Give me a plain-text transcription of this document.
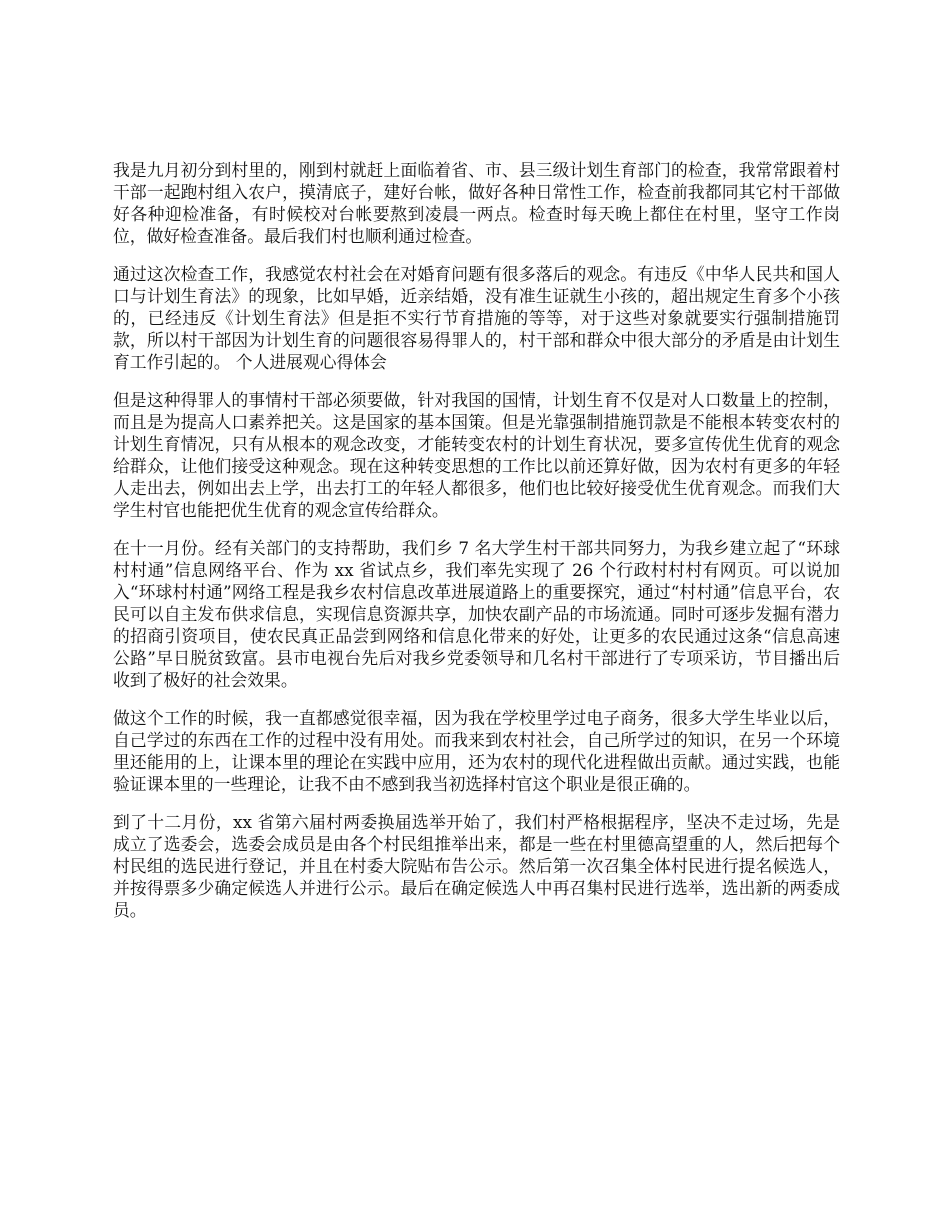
我是九月初分到村里的，刚到村就赶上面临着省、市、县三级计划生育部门的检查，我常常跟着村干部一起跑村组入农户，摸清底子，建好台帐，做好各种日常性工作，检查前我都同其它村干部做好各种迎检准备，有时候校对台帐要熬到凌晨一两点。检查时每天晚上都住在村里，坚守工作岗位，做好检查准备。最后我们村也顺利通过检查。

通过这次检查工作，我感觉农村社会在对婚育问题有很多落后的观念。有违反《中华人民共和国人口与计划生育法》的现象，比如早婚，近亲结婚，没有准生证就生小孩的，超出规定生育多个小孩的，已经违反《计划生育法》但是拒不实行节育措施的等等，对于这些对象就要实行强制措施罚款，所以村干部因为计划生育的问题很容易得罪人的，村干部和群众中很大部分的矛盾是由计划生育工作引起的。 个人进展观心得体会

但是这种得罪人的事情村干部必须要做，针对我国的国情，计划生育不仅是对人口数量上的控制，而且是为提高人口素养把关。这是国家的基本国策。但是光靠强制措施罚款是不能根本转变农村的计划生育情况，只有从根本的观念改变，才能转变农村的计划生育状况，要多宣传优生优育的观念给群众，让他们接受这种观念。现在这种转变思想的工作比以前还算好做，因为农村有更多的年轻人走出去，例如出去上学，出去打工的年轻人都很多，他们也比较好接受优生优育观念。而我们大学生村官也能把优生优育的观念宣传给群众。

在十一月份。经有关部门的支持帮助，我们乡 7 名大学生村干部共同努力，为我乡建立起了“环球村村通”信息网络平台、作为 xx 省试点乡，我们率先实现了 26 个行政村村村有网页。可以说加入“环球村村通”网络工程是我乡农村信息改革进展道路上的重要探究，通过“村村通”信息平台，农民可以自主发布供求信息，实现信息资源共享，加快农副产品的市场流通。同时可逐步发掘有潜力的招商引资项目，使农民真正品尝到网络和信息化带来的好处，让更多的农民通过这条“信息高速公路”早日脱贫致富。县市电视台先后对我乡党委领导和几名村干部进行了专项采访，节目播出后收到了极好的社会效果。

做这个工作的时候，我一直都感觉很幸福，因为我在学校里学过电子商务，很多大学生毕业以后，自己学过的东西在工作的过程中没有用处。而我来到农村社会，自己所学过的知识，在另一个环境里还能用的上，让课本里的理论在实践中应用，还为农村的现代化进程做出贡献。通过实践，也能验证课本里的一些理论，让我不由不感到我当初选择村官这个职业是很正确的。

到了十二月份，xx 省第六届村两委换届选举开始了，我们村严格根据程序，坚决不走过场，先是成立了选委会，选委会成员是由各个村民组推举出来，都是一些在村里德高望重的人，然后把每个村民组的选民进行登记，并且在村委大院贴布告公示。然后第一次召集全体村民进行提名候选人，并按得票多少确定候选人并进行公示。最后在确定候选人中再召集村民进行选举，选出新的两委成员。
